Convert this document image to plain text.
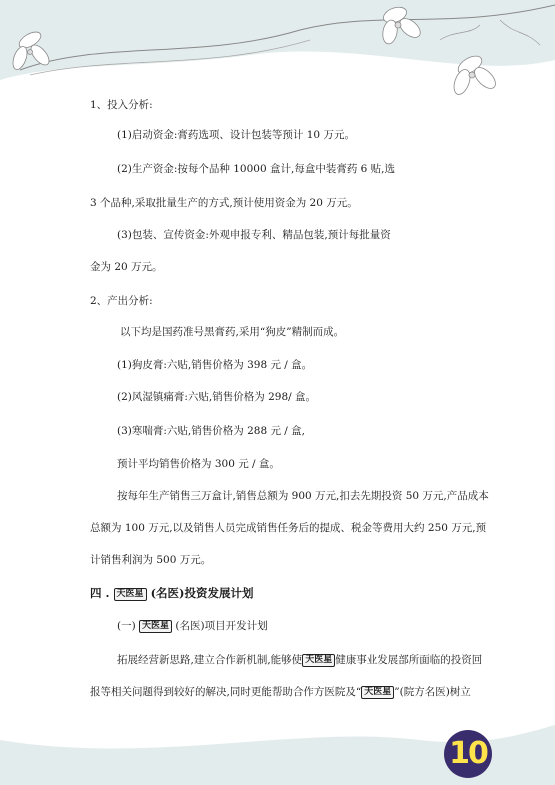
1、投入分析:
(1)启动资金:膏药选项、设计包装等预计 10 万元。
(2)生产资金:按每个品种 10000 盒计,每盒中装膏药 6 贴,选
3 个品种,采取批量生产的方式,预计使用资金为 20 万元。
(3)包装、宣传资金:外观申报专利、精品包装,预计每批量资
金为 20 万元。
2、产出分析:
以下均是国药准号黑膏药,采用“狗皮”精制而成。
(1)狗皮膏:六贴,销售价格为 398 元 / 盒。
(2)风湿镇痛膏:六贴,销售价格为 298/ 盒。
(3)寒喘膏:六贴,销售价格为 288 元 / 盒,
预计平均销售价格为 300 元 / 盒。
按每年生产销售三万盒计,销售总额为 900 万元,扣去先期投资 50 万元,产品成本
总额为 100 万元,以及销售人员完成销售任务后的提成、税金等费用大约 250 万元,预
计销售利润为 500 万元。
四 . 天医星 (名医)投资发展计划
(一) 天医星 (名医)项目开发计划
拓展经营新思路,建立合作新机制,能够使 天医星 健康事业发展部所面临的投资回
报等相关问题得到较好的解决,同时更能帮助合作方医院及“ 天医星 ”(院方名医)树立
10
